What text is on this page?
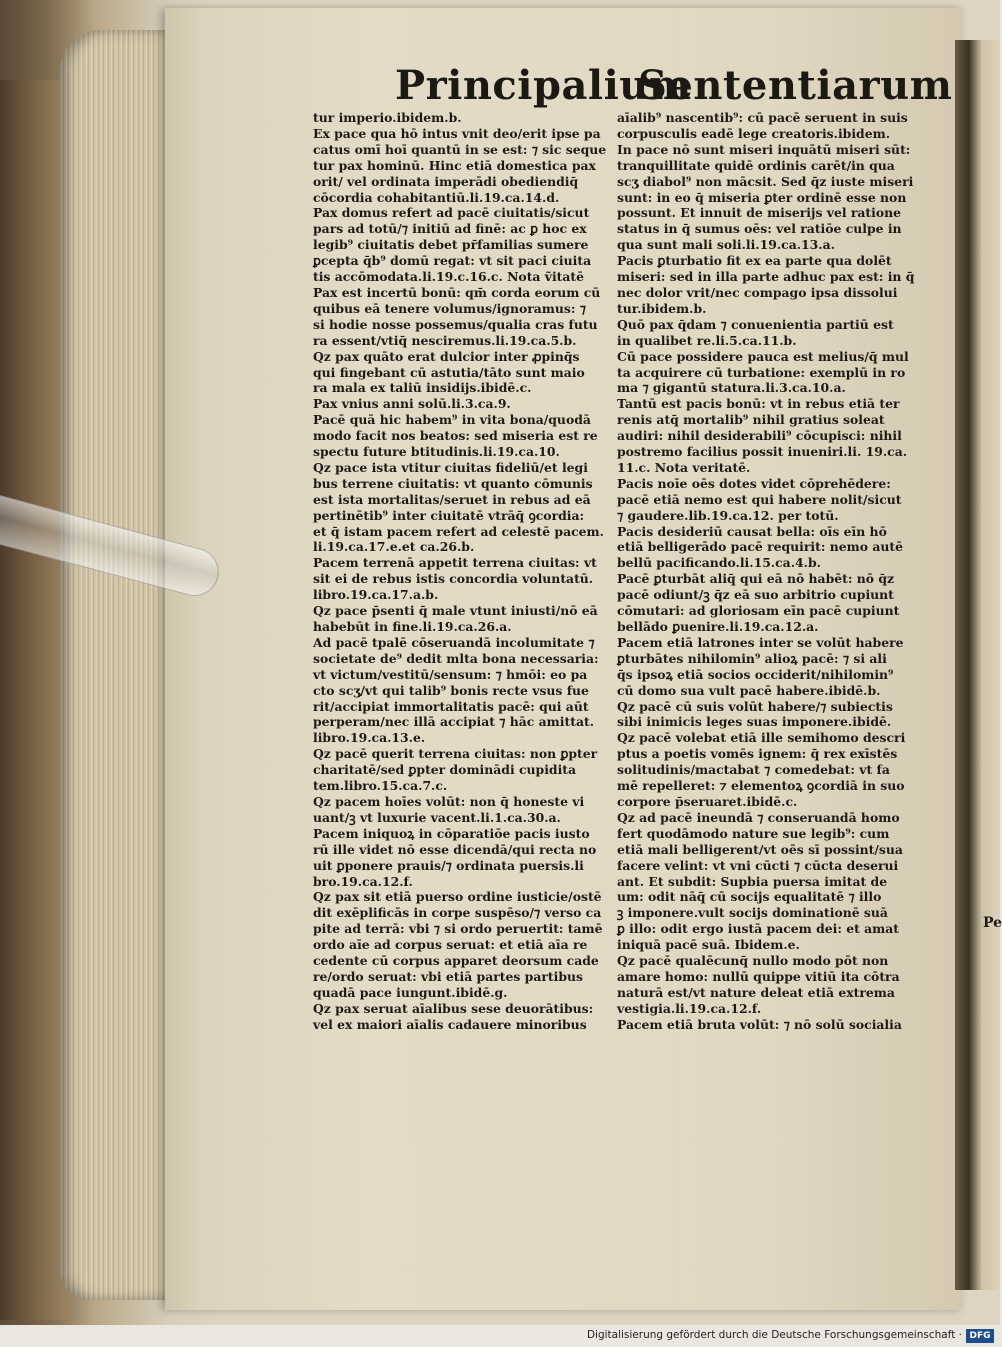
Principalium
Sententiarum
tur imperio.ibidem.b.
Ex pace qua hō intus vnit deo/erit ipse pa
catus omī hoī quantū in se est: ⁊ sic seque
tur pax hominū. Hinc etiā domestica pax
orit/ vel ordinata imperādi obediendiq̄
cōcordia cohabitantiū.li.19.ca.14.d.
Pax domus refert ad pacē ciuitatis/sicut
pars ad totū/⁊ initiū ad finē: ac ꝑ hoc ex
legib⁹ ciuitatis debet pr̄familias sumere
ꝑcepta q̄b⁹ domū regat: vt sit paci ciuita
tis accōmodata.li.19.c.16.c. Nota ṽitatē
Pax est incertū bonū: qm̄ corda eorum cū
quibus eā tenere volumus/ignoramus: ⁊
si hodie nosse possemus/qualia cras futu
ra essent/vtiq̄ nesciremus.li.19.ca.5.b.
Qz pax quāto erat dulcior inter ꝓpinq̄s
qui fingebant cū astutia/tāto sunt maio
ra mala ex taliū insidijs.ibidē.c.
Pax vnius anni solū.li.3.ca.9.
Pacē quā hic habem⁹ in vita bona/quodā
modo facit nos beatos: sed miseria est re
spectu future btitudinis.li.19.ca.10.
Qz pace ista vtitur ciuitas fideliū/et legi
bus terrene ciuitatis: vt quanto cōmunis
est ista mortalitas/seruet in rebus ad eā
pertinētib⁹ inter ciuitatē vtrāq̄ ꝯcordia:
et q̄ istam pacem refert ad celestē pacem.
li.19.ca.17.e.et ca.26.b.
Pacem terrenā appetit terrena ciuitas: vt
sit ei de rebus istis concordia voluntatū.
libro.19.ca.17.a.b.
Qz pace p̄senti q̄ male vtunt iniusti/nō eā
habebūt in fine.li.19.ca.26.a.
Ad pacē tpalē cōseruandā incolumitate ⁊
societate de⁹ dedit mlta bona necessaria:
vt victum/vestitū/sensum: ⁊ hmōi: eo pa
cto scʒ/vt qui talib⁹ bonis recte vsus fue
rit/accipiat immortalitatis pacē: qui aūt
perperam/nec illā accipiat ⁊ hāc amittat.
libro.19.ca.13.e.
Qz pacē querit terrena ciuitas: non ꝑpter
charitatē/sed ꝑpter dominādi cupidita
tem.libro.15.ca.7.c.
Qz pacem hoīes volūt: non q̄ honeste vi
uant/ꝫ vt luxurie vacent.li.1.ca.30.a.
Pacem iniquoꝝ in cōparatiōe pacis iusto
rū ille videt nō esse dicendā/qui recta no
uit ꝑponere prauis/⁊ ordinata puersis.li
bro.19.ca.12.f.
Qz pax sit etiā puerso ordine iusticie/ostē
dit exēplificās in corpe suspēso/⁊ verso ca
pite ad terrā: vbi ⁊ si ordo peruertit: tamē
ordo aīe ad corpus seruat: et etiā aīa re
cedente cū corpus apparet deorsum cade
re/ordo seruat: vbi etiā partes partibus
quadā pace iungunt.ibidē.g.
Qz pax seruat aīalibus sese deuorātibus:
vel ex maiori aīalis cadauere minoribus
aīalib⁹ nascentib⁹: cū pacē seruent in suis
corpusculis eadē lege creatoris.ibidem.
In pace nō sunt miseri inquātū miseri sūt:
tranquillitate quidē ordinis carēt/in qua
scʒ diabol⁹ non mācsit. Sed q̄z iuste miseri
sunt: in eo q̄ miseria ꝑter ordinē esse non
possunt. Et innuit de miserijs vel ratione
status in q̄ sumus oēs: vel ratiōe culpe in
qua sunt mali soli.li.19.ca.13.a.
Pacis ꝑturbatio fit ex ea parte qua dolēt
miseri: sed in illa parte adhuc pax est: in q̄
nec dolor vrit/nec compago ipsa dissolui
tur.ibidem.b.
Quō pax q̄dam ⁊ conuenientia partiū est
in qualibet re.li.5.ca.11.b.
Cū pace possidere pauca est melius/q̄ mul
ta acquirere cū turbatione: exemplū in ro
ma ⁊ gigantū statura.li.3.ca.10.a.
Tantū est pacis bonū: vt in rebus etiā ter
renis atq̄ mortalib⁹ nihil gratius soleat
audiri: nihil desiderabili⁹ cōcupisci: nihil
postremo facilius possit inueniri.li. 19.ca.
11.c. Nota veritatē.
Pacis noīe oēs dotes videt cōprehēdere:
pacē etiā nemo est qui habere nolit/sicut
⁊ gaudere.lib.19.ca.12. per totū.
Pacis desideriū causat bella: oīs eīn hō
etiā belligerādo pacē requirit: nemo autē
bellū pacificando.li.15.ca.4.b.
Pacē ꝑturbāt aliq̄ qui eā nō habēt: nō q̄z
pacē odiunt/ꝫ q̄z eā suo arbitrio cupiunt
cōmutari: ad gloriosam eīn pacē cupiunt
bellādo ꝑuenire.li.19.ca.12.a.
Pacem etiā latrones inter se volūt habere
ꝑturbātes nihilomin⁹ alioꝝ pacē: ⁊ si ali
q̄s ipsoꝝ etiā socios occiderit/nihilomin⁹
cū domo sua vult pacē habere.ibidē.b.
Qz pacē cū suis volūt habere/⁊ subiectis
sibi inimicis leges suas imponere.ibidē.
Qz pacē volebat etiā ille semihomo descri
ptus a poetis vomēs ignem: q̄ rex exīstēs
solitudinis/mactabat ⁊ comedebat: vt fa
mē repelleret: ⁊ elementoꝝ ꝯcordiā in suo
corpore p̄seruaret.ibidē.c.
Qz ad pacē ineundā ⁊ conseruandā homo
fert quodāmodo nature sue legib⁹: cum
etiā mali belligerent/vt oēs sī possint/sua
facere velint: vt vni cūcti ⁊ cūcta deserui
ant. Et subdit: Supbia puersa imitat de
um: odit nāq̄ cū socijs equalitatē ⁊ illo
ꝫ imponere.vult socijs dominationē suā
ꝑ illo: odit ergo iustā pacem dei: et amat
iniquā pacē suā. Ibidem.e.
Qz pacē qualēcunq̄ nullo modo pōt non
amare homo: nullū quippe vitiū ita cōtra
naturā est/vt nature deleat etiā extrema
vestigia.li.19.ca.12.f.
Pacem etiā bruta volūt: ⁊ nō solū socialia
Pe
Digitalisierung gefördert durch die Deutsche Forschungsgemeinschaft · DFG
